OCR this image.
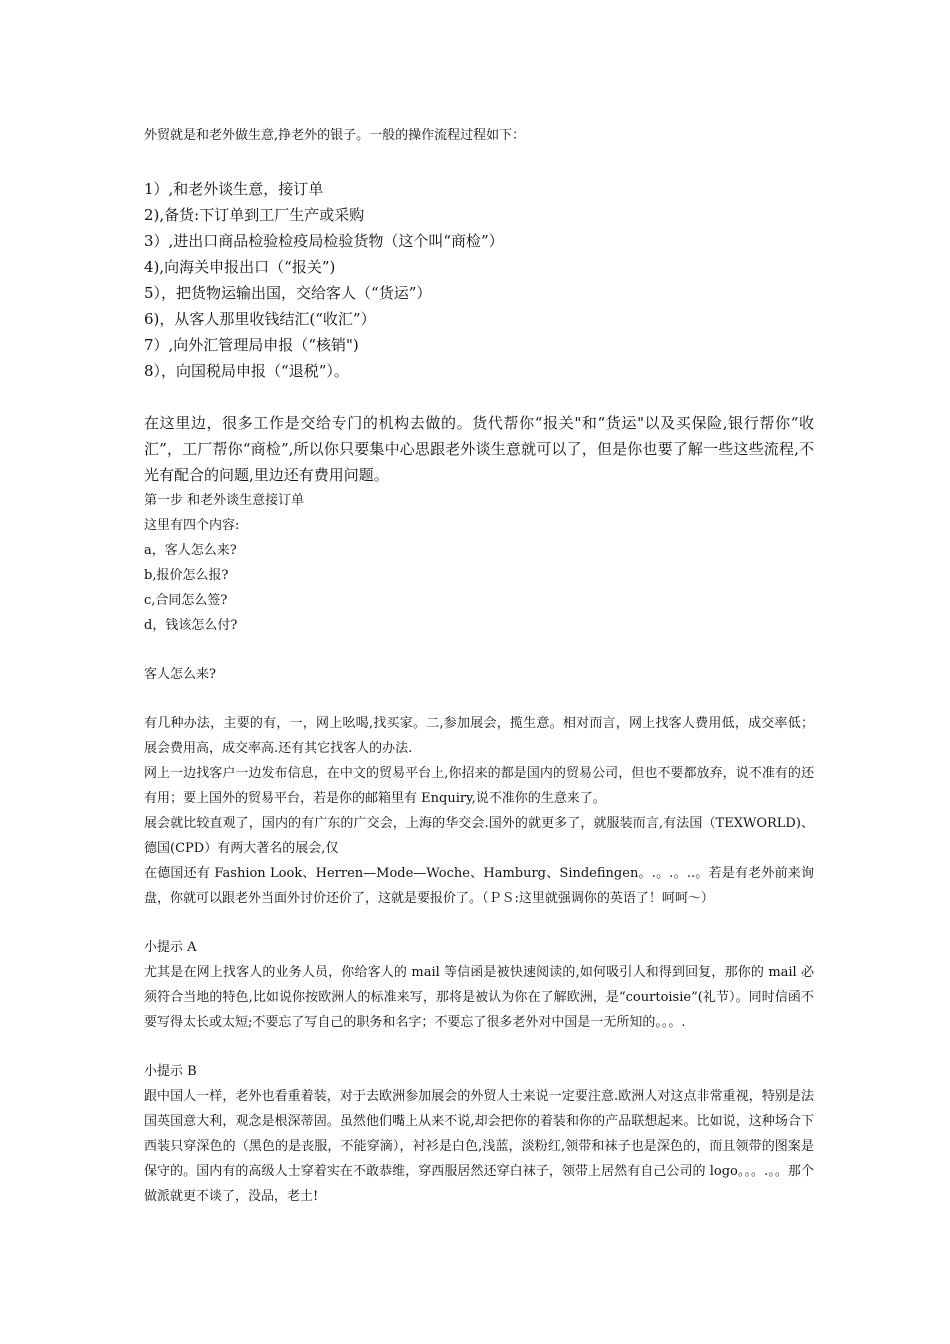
外贸就是和老外做生意,挣老外的银子。一般的操作流程过程如下：

1）,和老外谈生意，接订单

2),备货:下订单到工厂生产或采购

3）,进出口商品检验检疫局检验货物（这个叫“商检”）

4),向海关申报出口（“报关”)

5），把货物运输出国，交给客人（“货运”）

6)，从客人那里收钱结汇(“收汇”）

7）,向外汇管理局申报（“核销")

8），向国税局申报（“退税”）。

在这里边，很多工作是交给专门的机构去做的。货代帮你“报关"和“货运"以及买保险,银行帮你“收汇”，工厂帮你“商检”,所以你只要集中心思跟老外谈生意就可以了，但是你也要了解一些这些流程,不光有配合的问题,里边还有费用问题。

第一步 和老外谈生意接订单

这里有四个内容:

a，客人怎么来?

b,报价怎么报?

c,合同怎么签?

d，钱该怎么付?

客人怎么来?

有几种办法，主要的有，一，网上吆喝,找买家。二,参加展会，揽生意。相对而言，网上找客人费用低，成交率低；展会费用高，成交率高.还有其它找客人的办法.

网上一边找客户一边发布信息，在中文的贸易平台上,你招来的都是国内的贸易公司，但也不要都放弃，说不准有的还有用；要上国外的贸易平台，若是你的邮箱里有 Enquiry,说不准你的生意来了。

展会就比较直观了，国内的有广东的广交会，上海的华交会.国外的就更多了，就服装而言,有法国（TEXWORLD)、德国(CPD）有两大著名的展会,仅

在德国还有 Fashion Look、Herren—Mode—Woche、Hamburg、Sindefingen。.。.。..。若是有老外前来询盘，你就可以跟老外当面外讨价还价了，这就是要报价了。（ＰＳ:这里就强调你的英语了！呵呵～）

小提示 A

尤其是在网上找客人的业务人员，你给客人的 mail 等信函是被快速阅读的,如何吸引人和得到回复，那你的 mail 必须符合当地的特色,比如说你按欧洲人的标准来写，那将是被认为你在了解欧洲，是“courtoisie”(礼节）。同时信函不要写得太长或太短;不要忘了写自己的职务和名字；不要忘了很多老外对中国是一无所知的。。。.

小提示 B

跟中国人一样，老外也看重着装，对于去欧洲参加展会的外贸人士来说一定要注意.欧洲人对这点非常重视，特别是法国英国意大利，观念是根深蒂固。虽然他们嘴上从来不说,却会把你的着装和你的产品联想起来。比如说，这种场合下西装只穿深色的（黑色的是丧服，不能穿滴），衬衫是白色,浅蓝，淡粉红,领带和袜子也是深色的，而且领带的图案是保守的。国内有的高级人士穿着实在不敢恭维，穿西服居然还穿白袜子，领带上居然有自己公司的 logo。。。.。。那个做派就更不谈了，没品，老土!
